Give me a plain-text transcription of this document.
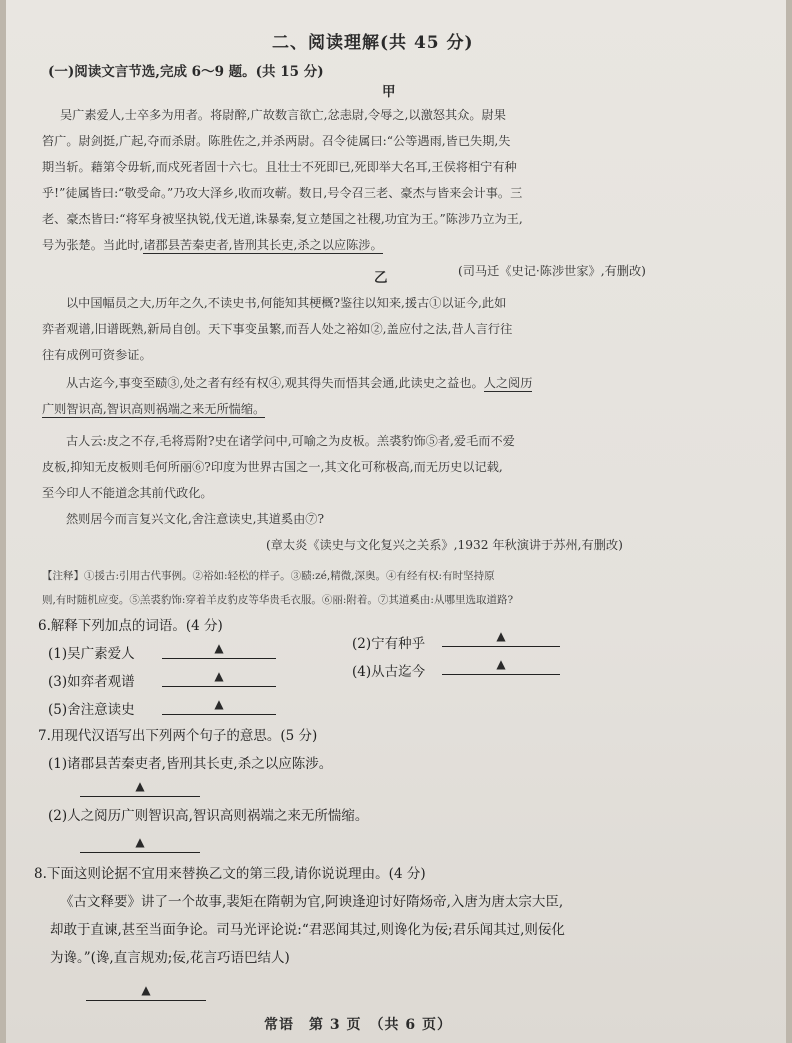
二、阅读理解(共 45 分)
(一)阅读文言节选,完成 6～9 题。(共 15 分)
甲
吴广素爱人,士卒多为用者。将尉醉,广故数言欲亡,忿恚尉,令辱之,以激怒其众。尉果
笞广。尉剑挺,广起,夺而杀尉。陈胜佐之,并杀两尉。召令徒属曰:“公等遇雨,皆已失期,失
期当斩。藉第令毋斩,而戍死者固十六七。且壮士不死即已,死即举大名耳,王侯将相宁有种
乎!”徒属皆曰:“敬受命。”乃攻大泽乡,收而攻蕲。数日,号令召三老、豪杰与皆来会计事。三
老、豪杰皆曰:“将军身被坚执锐,伐无道,诛暴秦,复立楚国之社稷,功宜为王。”陈涉乃立为王,
号为张楚。当此时,诸郡县苦秦吏者,皆刑其长吏,杀之以应陈涉。
(司马迁《史记·陈涉世家》,有删改)
乙
以中国幅员之大,历年之久,不读史书,何能知其梗概?鉴往以知来,援古①以证今,此如
弈者观谱,旧谱既熟,新局自创。天下事变虽繁,而吾人处之裕如②,盖应付之法,昔人言行往
往有成例可资参证。
从古迄今,事变至赜③,处之者有经有权④,观其得失而悟其会通,此读史之益也。人之阅历
广则智识高,智识高则祸端之来无所惴缩。
古人云:皮之不存,毛将焉附?史在诸学问中,可喻之为皮板。羔裘豹饰⑤者,爱毛而不爱
皮板,抑知无皮板则毛何所丽⑥?印度为世界古国之一,其文化可称极高,而无历史以记载,
至今印人不能道念其前代政化。
然则居今而言复兴文化,舍注意读史,其道奚由⑦?
(章太炎《读史与文化复兴之关系》,1932 年秋演讲于苏州,有删改)
【注释】①援古:引用古代事例。②裕如:轻松的样子。③赜:zé,精微,深奥。④有经有权:有时坚持原
则,有时随机应变。⑤羔裘豹饰:穿着羊皮豹皮等华贵毛衣服。⑥丽:附着。⑦其道奚由:从哪里选取道路?
6.解释下列加点的词语。(4 分)
(1)吴广素爱人	▲	(2)宁有种乎	▲
(3)如弈者观谱	▲	(4)从古迄今	▲
(5)舍注意读史	▲
7.用现代汉语写出下列两个句子的意思。(5 分)
(1)诸郡县苦秦吏者,皆刑其长吏,杀之以应陈涉。
▲
(2)人之阅历广则智识高,智识高则祸端之来无所惴缩。
▲
8.下面这则论据不宜用来替换乙文的第三段,请你说说理由。(4 分)
《古文释要》讲了一个故事,裴矩在隋朝为官,阿谀逢迎讨好隋炀帝,入唐为唐太宗大臣,
却敢于直谏,甚至当面争论。司马光评论说:“君恶闻其过,则谗化为佞;君乐闻其过,则佞化
为谗。”(谗,直言规劝;佞,花言巧语巴结人)
▲
常语　第 3 页　（共 6 页）
